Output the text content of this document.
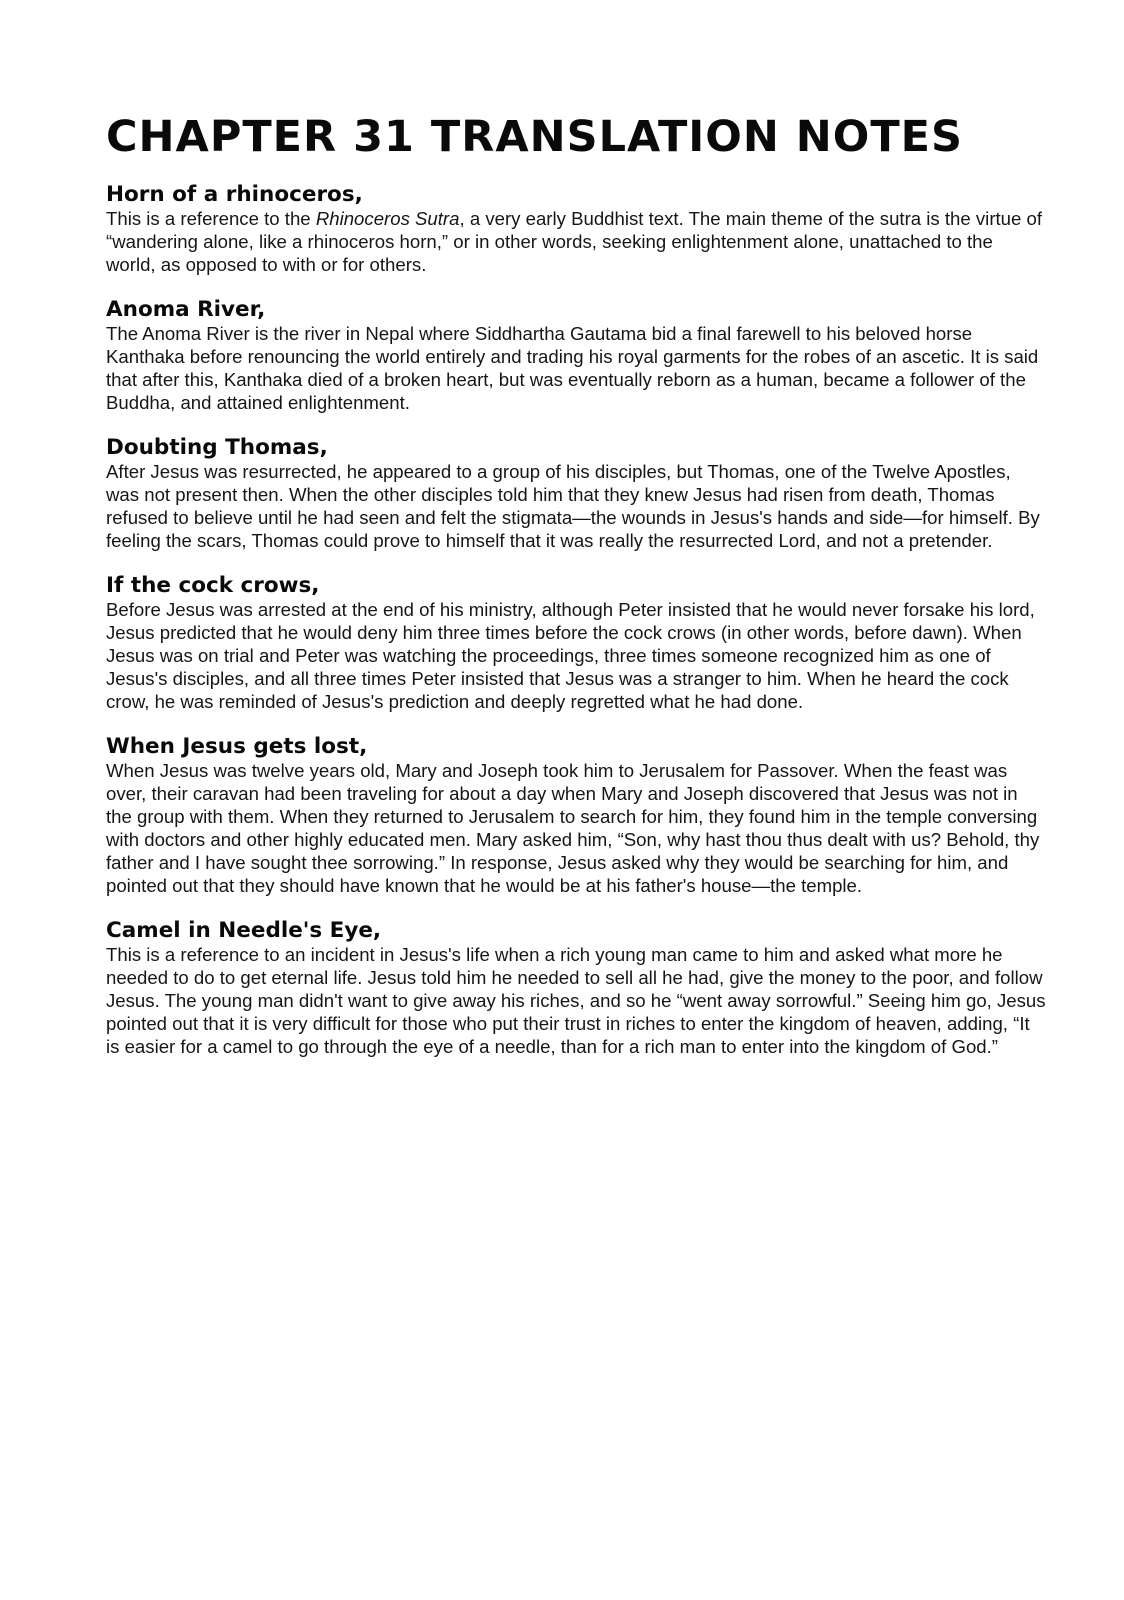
CHAPTER 31 TRANSLATION NOTES
Horn of a rhinoceros,

This is a reference to the Rhinoceros Sutra, a very early Buddhist text. The main theme of the sutra is the virtue of “wandering alone, like a rhinoceros horn,” or in other words, seeking enlightenment alone, unattached to the world, as opposed to with or for others.

Anoma River,

The Anoma River is the river in Nepal where Siddhartha Gautama bid a final farewell to his beloved horse Kanthaka before renouncing the world entirely and trading his royal garments for the robes of an ascetic. It is said that after this, Kanthaka died of a broken heart, but was eventually reborn as a human, became a follower of the Buddha, and attained enlightenment.

Doubting Thomas,

After Jesus was resurrected, he appeared to a group of his disciples, but Thomas, one of the Twelve Apostles, was not present then. When the other disciples told him that they knew Jesus had risen from death, Thomas refused to believe until he had seen and felt the stigmata—the wounds in Jesus's hands and side—for himself. By feeling the scars, Thomas could prove to himself that it was really the resurrected Lord, and not a pretender.

If the cock crows,

Before Jesus was arrested at the end of his ministry, although Peter insisted that he would never forsake his lord, Jesus predicted that he would deny him three times before the cock crows (in other words, before dawn). When Jesus was on trial and Peter was watching the proceedings, three times someone recognized him as one of Jesus's disciples, and all three times Peter insisted that Jesus was a stranger to him. When he heard the cock crow, he was reminded of Jesus's prediction and deeply regretted what he had done.

When Jesus gets lost,

When Jesus was twelve years old, Mary and Joseph took him to Jerusalem for Passover. When the feast was over, their caravan had been traveling for about a day when Mary and Joseph discovered that Jesus was not in the group with them. When they returned to Jerusalem to search for him, they found him in the temple conversing with doctors and other highly educated men. Mary asked him, “Son, why hast thou thus dealt with us? Behold, thy father and I have sought thee sorrowing.” In response, Jesus asked why they would be searching for him, and pointed out that they should have known that he would be at his father's house—the temple.

Camel in Needle's Eye,

This is a reference to an incident in Jesus's life when a rich young man came to him and asked what more he needed to do to get eternal life. Jesus told him he needed to sell all he had, give the money to the poor, and follow Jesus. The young man didn't want to give away his riches, and so he “went away sorrowful.” Seeing him go, Jesus pointed out that it is very difficult for those who put their trust in riches to enter the kingdom of heaven, adding, “It is easier for a camel to go through the eye of a needle, than for a rich man to enter into the kingdom of God.”
